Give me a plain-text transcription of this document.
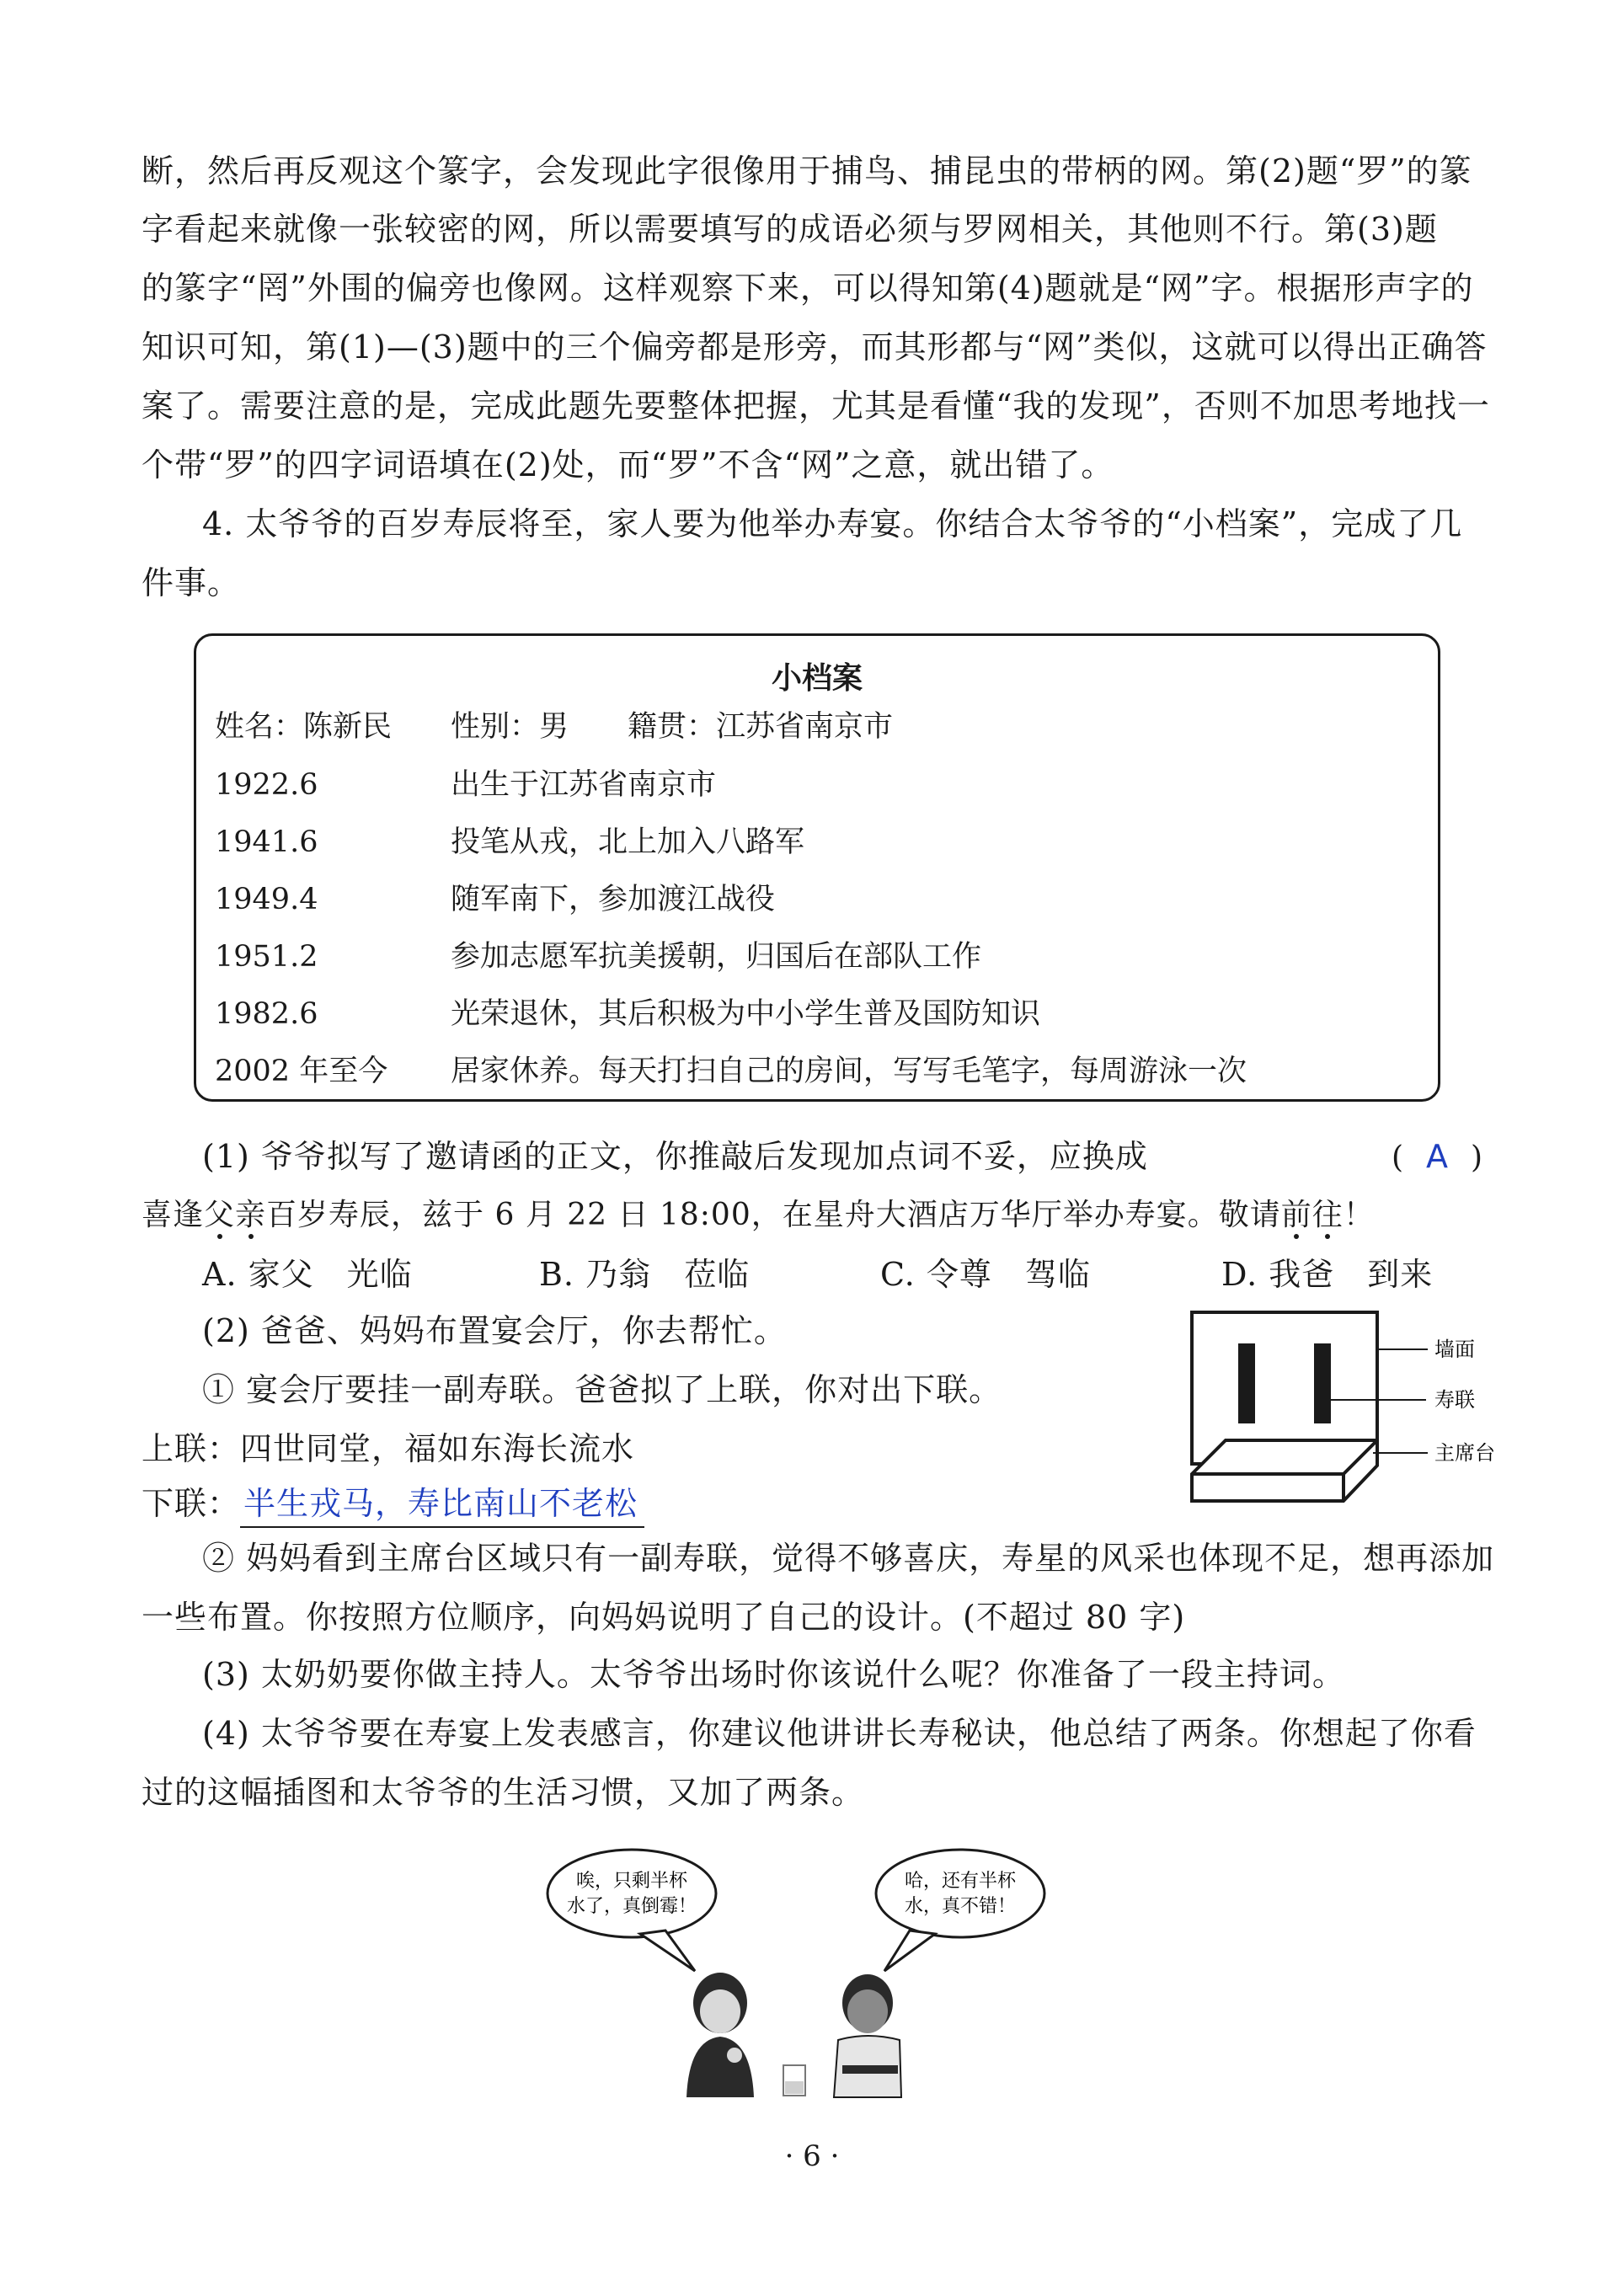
断，然后再反观这个篆字，会发现此字很像用于捕鸟、捕昆虫的带柄的网。第(2)题“罗”的篆
字看起来就像一张较密的网，所以需要填写的成语必须与罗网相关，其他则不行。第(3)题
的篆字“罔”外围的偏旁也像网。这样观察下来，可以得知第(4)题就是“网”字。根据形声字的
知识可知，第(1)—(3)题中的三个偏旁都是形旁，而其形都与“网”类似，这就可以得出正确答
案了。需要注意的是，完成此题先要整体把握，尤其是看懂“我的发现”，否则不加思考地找一
个带“罗”的四字词语填在(2)处，而“罗”不含“网”之意，就出错了。
4. 太爷爷的百岁寿辰将至，家人要为他举办寿宴。你结合太爷爷的“小档案”，完成了几
件事。
小档案
姓名：陈新民 性别：男 籍贯：江苏省南京市
1922.6	出生于江苏省南京市
1941.6	投笔从戎，北上加入八路军
1949.4	随军南下，参加渡江战役
1951.2	参加志愿军抗美援朝，归国后在部队工作
1982.6	光荣退休，其后积极为中小学生普及国防知识
2002 年至今 居家休养。每天打扫自己的房间，写写毛笔字，每周游泳一次
(1) 爷爷拟写了邀请函的正文，你推敲后发现加点词不妥，应换成	( A )
喜逢父亲百岁寿辰，兹于 6 月 22 日 18:00，在星舟大酒店万华厅举办寿宴。敬请前往！
A. 家父　光临	B. 乃翁　莅临	C. 令尊　驾临	D. 我爸　到来
(2) 爸爸、妈妈布置宴会厅，你去帮忙。
① 宴会厅要挂一副寿联。爸爸拟了上联，你对出下联。
上联：四世同堂，福如东海长流水
下联： 半生戎马，寿比南山不老松
墙面
寿联
主席台
② 妈妈看到主席台区域只有一副寿联，觉得不够喜庆，寿星的风采也体现不足，想再添加
一些布置。你按照方位顺序，向妈妈说明了自己的设计。(不超过 80 字)
(3) 太奶奶要你做主持人。太爷爷出场时你该说什么呢？你准备了一段主持词。
(4) 太爷爷要在寿宴上发表感言，你建议他讲讲长寿秘诀，他总结了两条。你想起了你看
过的这幅插图和太爷爷的生活习惯，又加了两条。
唉，只剩半杯
水了，真倒霉！
哈，还有半杯
水，真不错！
· 6 ·
